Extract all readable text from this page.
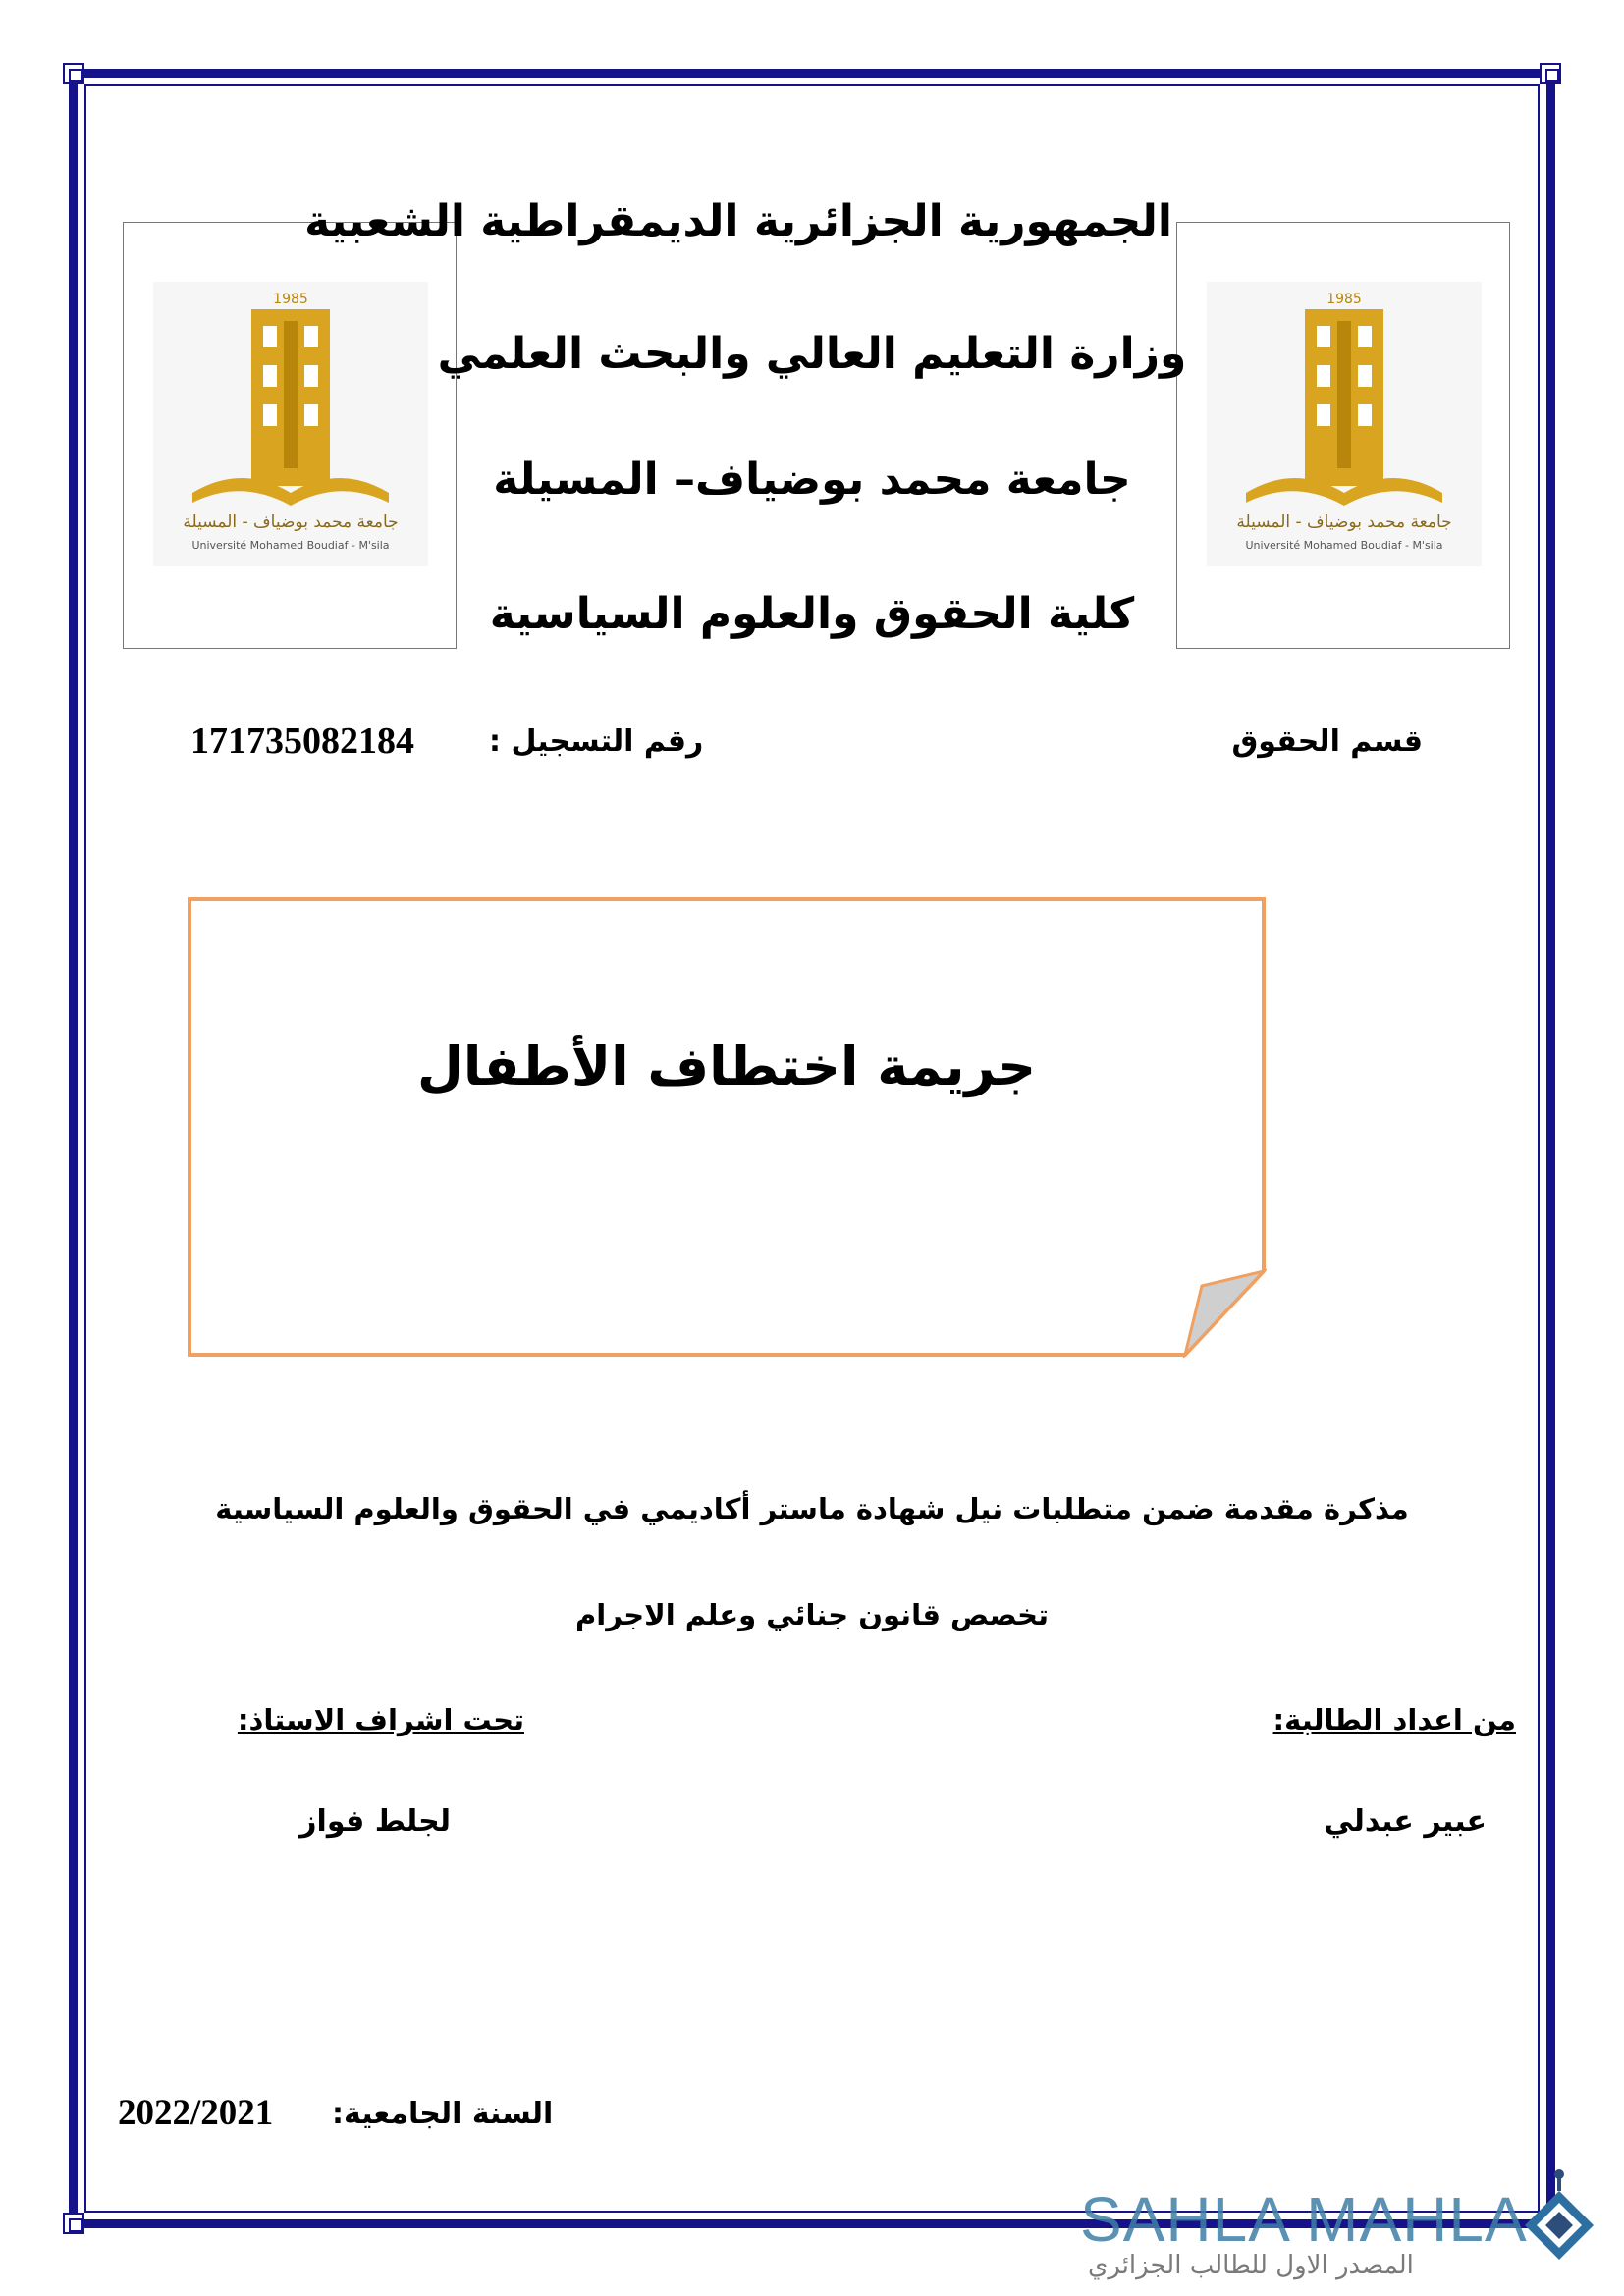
1985
جامعة محمد بوضياف - المسيلة
Université Mohamed Boudiaf - M'sila
1985
جامعة محمد بوضياف - المسيلة
Université Mohamed Boudiaf - M'sila
الجمهورية الجزائرية الديمقراطية الشعبية
وزارة التعليم العالي والبحث العلمي
جامعة محمد بوضياف– المسيلة
كلية الحقوق والعلوم السياسية
قسم الحقوق
رقم التسجيل :
171735082184
جريمة اختطاف الأطفال
مذكرة مقدمة ضمن متطلبات نيل شهادة ماستر أكاديمي في الحقوق والعلوم السياسية
تخصص قانون جنائي وعلم الاجرام
من اعداد الطالبة:
تحت اشراف الاستاذ:
عبير عبدلي
لجلط فواز
السنة الجامعية:
2022/2021
SAHLA MAHLA
المصدر الاول للطالب الجزائري
